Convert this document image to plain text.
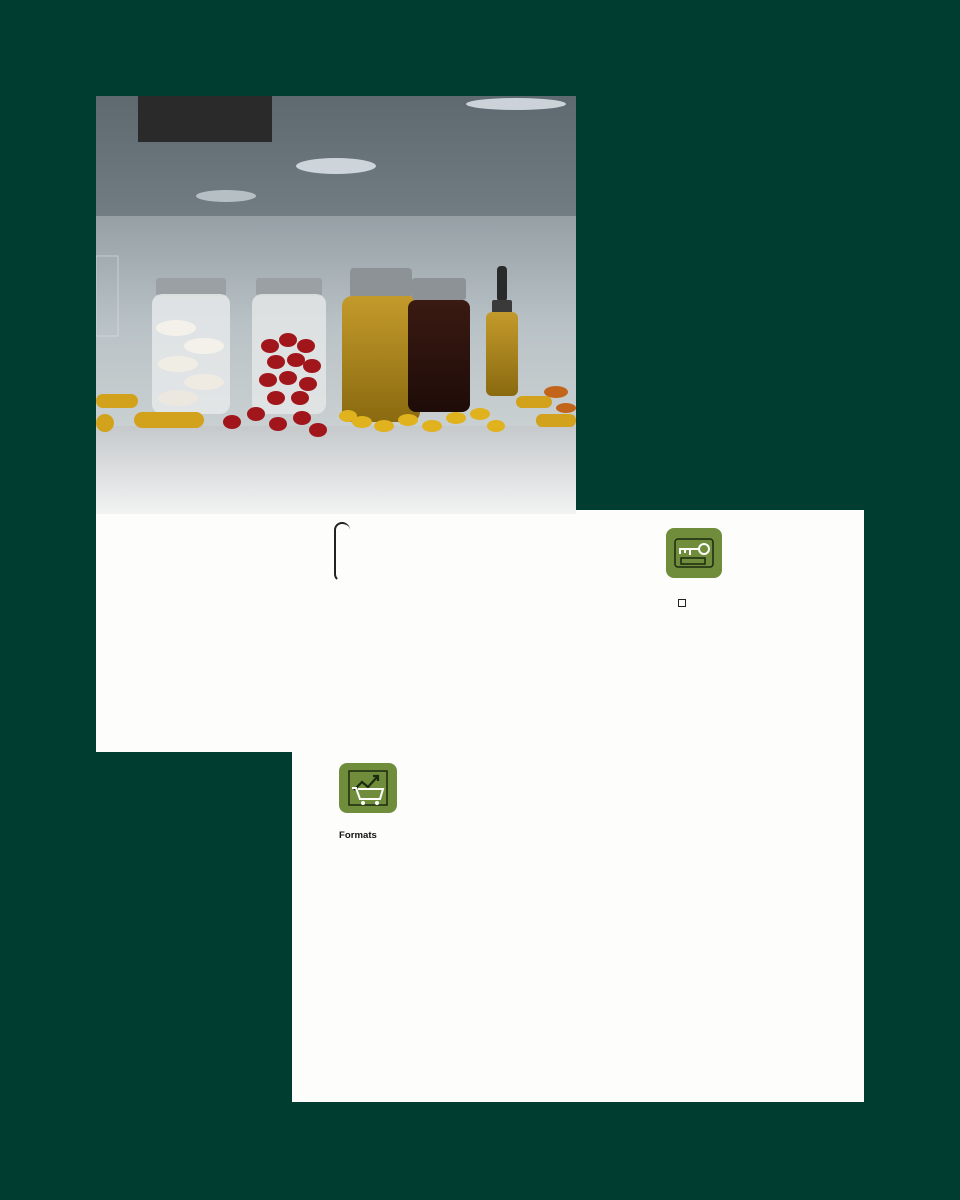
Formats
